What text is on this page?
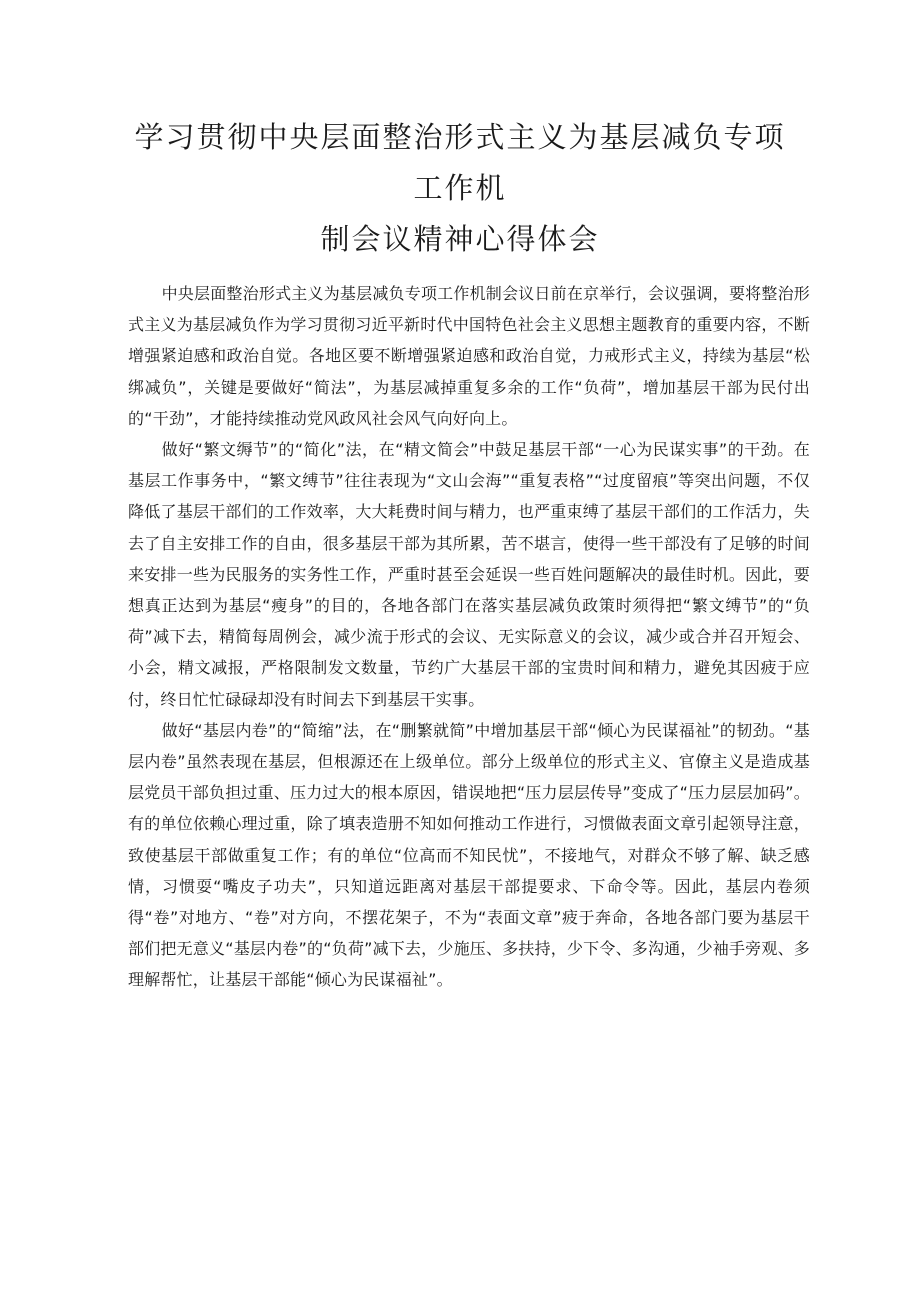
学习贯彻中央层面整治形式主义为基层减负专项工作机
制会议精神心得体会

中央层面整治形式主义为基层减负专项工作机制会议日前在京举行，会议强调，要将整治形式主义为基层减负作为学习贯彻习近平新时代中国特色社会主义思想主题教育的重要内容，不断增强紧迫感和政治自觉。各地区要不断增强紧迫感和政治自觉，力戒形式主义，持续为基层“松绑减负”，关键是要做好“简法”，为基层减掉重复多余的工作“负荷”，增加基层干部为民付出的“干劲”，才能持续推动党风政风社会风气向好向上。

做好“繁文缛节”的“简化”法，在“精文简会”中鼓足基层干部“一心为民谋实事”的干劲。在基层工作事务中，“繁文缚节”往往表现为“文山会海”“重复表格”“过度留痕”等突出问题，不仅降低了基层干部们的工作效率，大大耗费时间与精力，也严重束缚了基层干部们的工作活力，失去了自主安排工作的自由，很多基层干部为其所累，苦不堪言，使得一些干部没有了足够的时间来安排一些为民服务的实务性工作，严重时甚至会延误一些百姓问题解决的最佳时机。因此，要想真正达到为基层“瘦身”的目的，各地各部门在落实基层减负政策时须得把“繁文缚节”的“负荷”减下去，精简每周例会，减少流于形式的会议、无实际意义的会议，减少或合并召开短会、小会，精文减报，严格限制发文数量，节约广大基层干部的宝贵时间和精力，避免其因疲于应付，终日忙忙碌碌却没有时间去下到基层干实事。

做好“基层内卷”的“简缩”法，在“删繁就简”中增加基层干部“倾心为民谋福祉”的韧劲。“基层内卷”虽然表现在基层，但根源还在上级单位。部分上级单位的形式主义、官僚主义是造成基层党员干部负担过重、压力过大的根本原因，错误地把“压力层层传导”变成了“压力层层加码”。有的单位依赖心理过重，除了填表造册不知如何推动工作进行，习惯做表面文章引起领导注意，致使基层干部做重复工作；有的单位“位高而不知民忧”，不接地气，对群众不够了解、缺乏感情，习惯耍“嘴皮子功夫”，只知道远距离对基层干部提要求、下命令等。因此，基层内卷须得“卷”对地方、“卷”对方向，不摆花架子，不为“表面文章”疲于奔命，各地各部门要为基层干部们把无意义“基层内卷”的“负荷”减下去，少施压、多扶持，少下令、多沟通，少袖手旁观、多理解帮忙，让基层干部能“倾心为民谋福祉”。
